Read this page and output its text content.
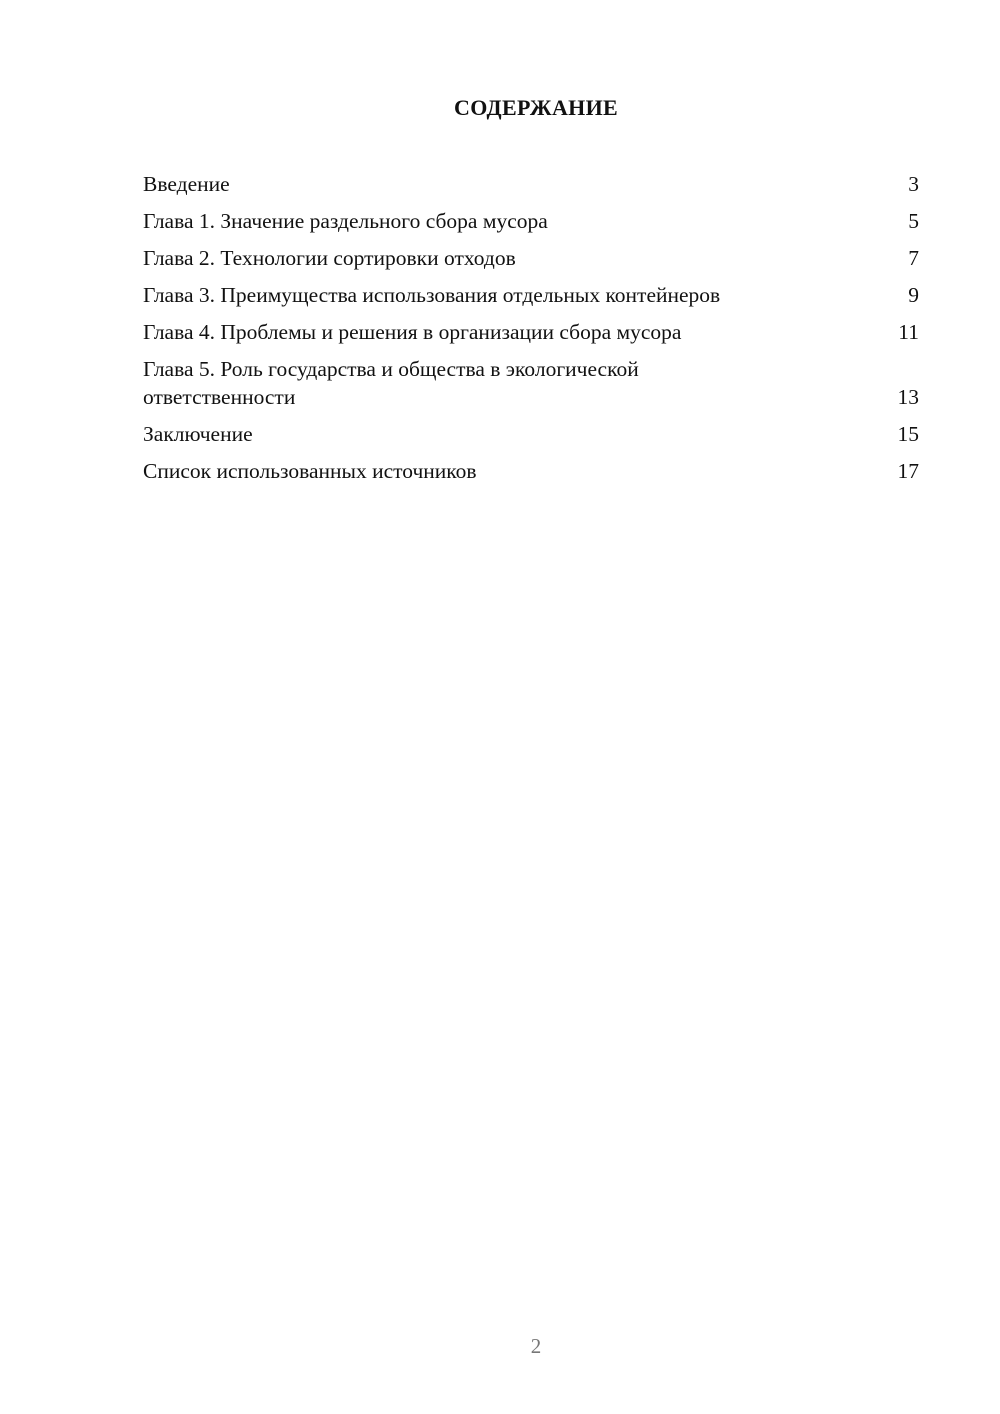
СОДЕРЖАНИЕ
Введение	3
Глава 1. Значение раздельного сбора мусора	5
Глава 2. Технологии сортировки отходов	7
Глава 3. Преимущества использования отдельных контейнеров	9
Глава 4. Проблемы и решения в организации сбора мусора	11
Глава 5. Роль государства и общества в экологической ответственности	13
Заключение	15
Список использованных источников	17
2
